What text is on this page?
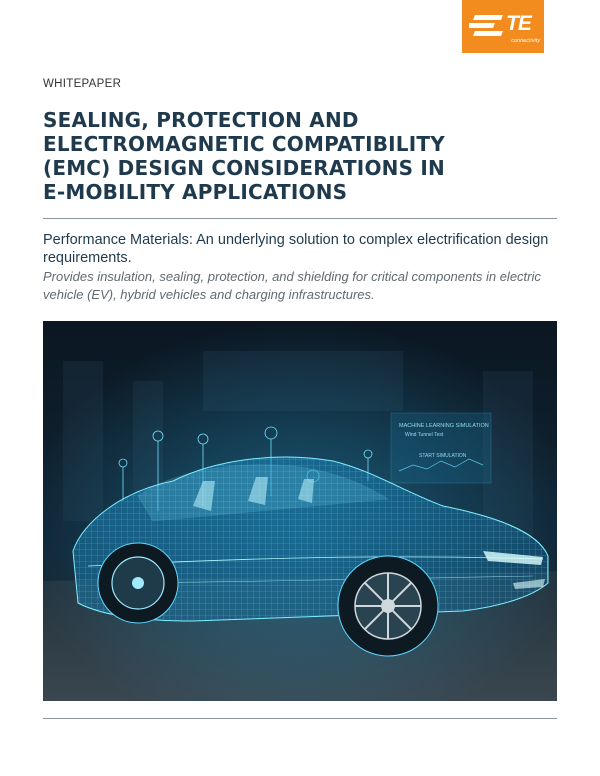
TE
connectivity
WHITEPAPER
SEALING, PROTECTION AND
ELECTROMAGNETIC COMPATIBILITY
(EMC) DESIGN CONSIDERATIONS IN
E-MOBILITY APPLICATIONS

Performance Materials: An underlying solution to complex electrification design requirements.

Provides insulation, sealing, protection, and shielding for critical components in electric vehicle (EV), hybrid vehicles and charging infrastructures.

MACHINE LEARNING SIMULATION
Wind Tunnel Test
START SIMULATION
